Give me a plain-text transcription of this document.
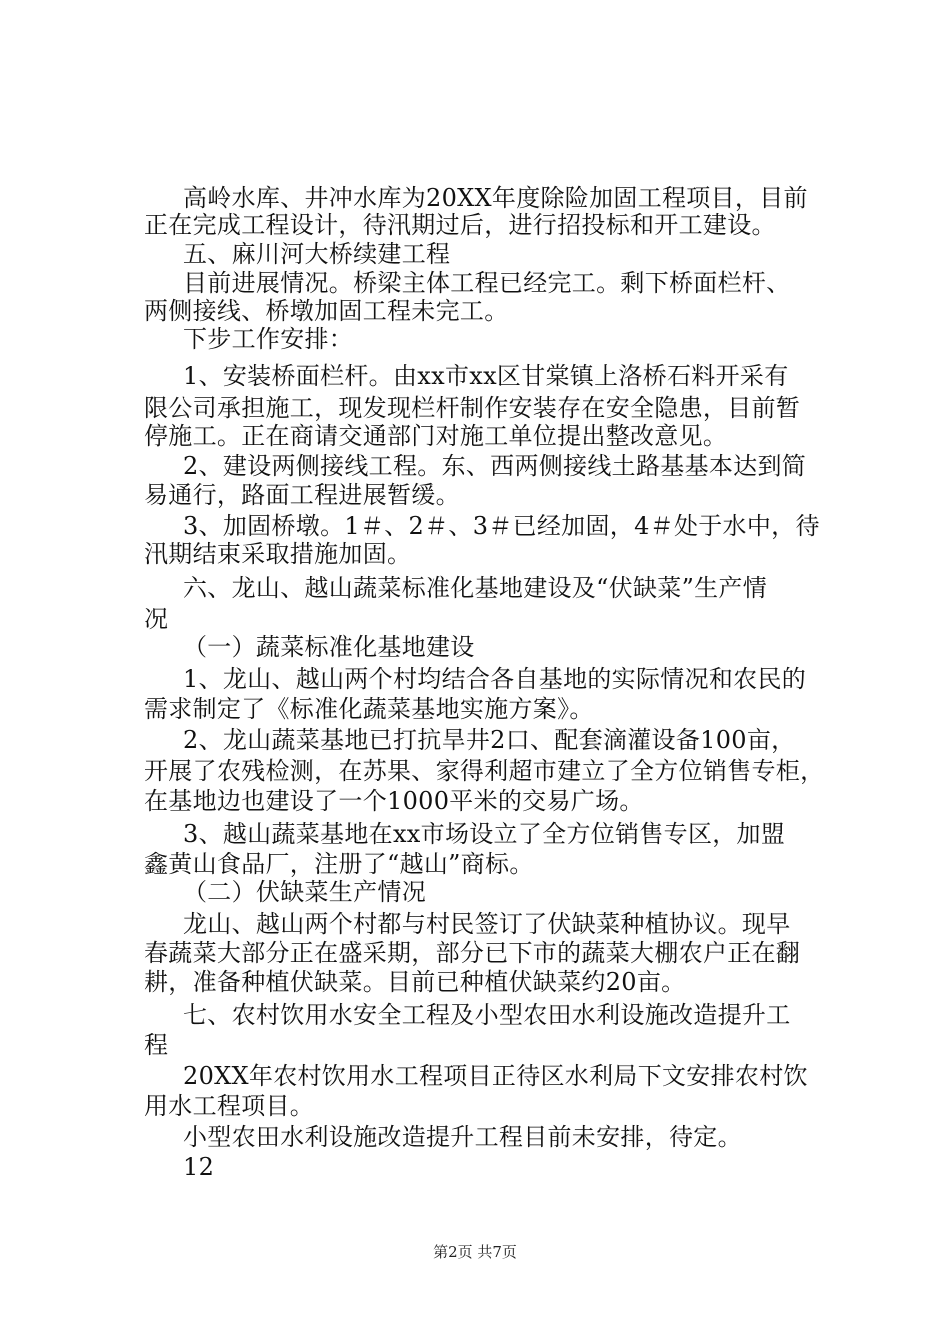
高岭水库、井冲水库为20XX年度除险加固工程项目，目前
正在完成工程设计，待汛期过后，进行招投标和开工建设。
五、麻川河大桥续建工程
目前进展情况。桥梁主体工程已经完工。剩下桥面栏杆、
两侧接线、桥墩加固工程未完工。
下步工作安排：
1、安装桥面栏杆。由xx市xx区甘棠镇上洛桥石料开采有
限公司承担施工，现发现栏杆制作安装存在安全隐患，目前暂
停施工。正在商请交通部门对施工单位提出整改意见。
2、建设两侧接线工程。东、西两侧接线土路基基本达到简
易通行，路面工程进展暂缓。
3、加固桥墩。1＃、2＃、3＃已经加固，4＃处于水中，待
汛期结束采取措施加固。
六、龙山、越山蔬菜标准化基地建设及“伏缺菜”生产情
况
（一）蔬菜标准化基地建设
1、龙山、越山两个村均结合各自基地的实际情况和农民的
需求制定了《标准化蔬菜基地实施方案》。
2、龙山蔬菜基地已打抗旱井2口、配套滴灌设备100亩，
开展了农残检测，在苏果、家得利超市建立了全方位销售专柜，
在基地边也建设了一个1000平米的交易广场。
3、越山蔬菜基地在xx市场设立了全方位销售专区，加盟
鑫黄山食品厂，注册了“越山”商标。
（二）伏缺菜生产情况
龙山、越山两个村都与村民签订了伏缺菜种植协议。现早
春蔬菜大部分正在盛采期，部分已下市的蔬菜大棚农户正在翻
耕，准备种植伏缺菜。目前已种植伏缺菜约20亩。
七、农村饮用水安全工程及小型农田水利设施改造提升工
程
20XX年农村饮用水工程项目正待区水利局下文安排农村饮
用水工程项目。
小型农田水利设施改造提升工程目前未安排，待定。
12
第2页 共7页
